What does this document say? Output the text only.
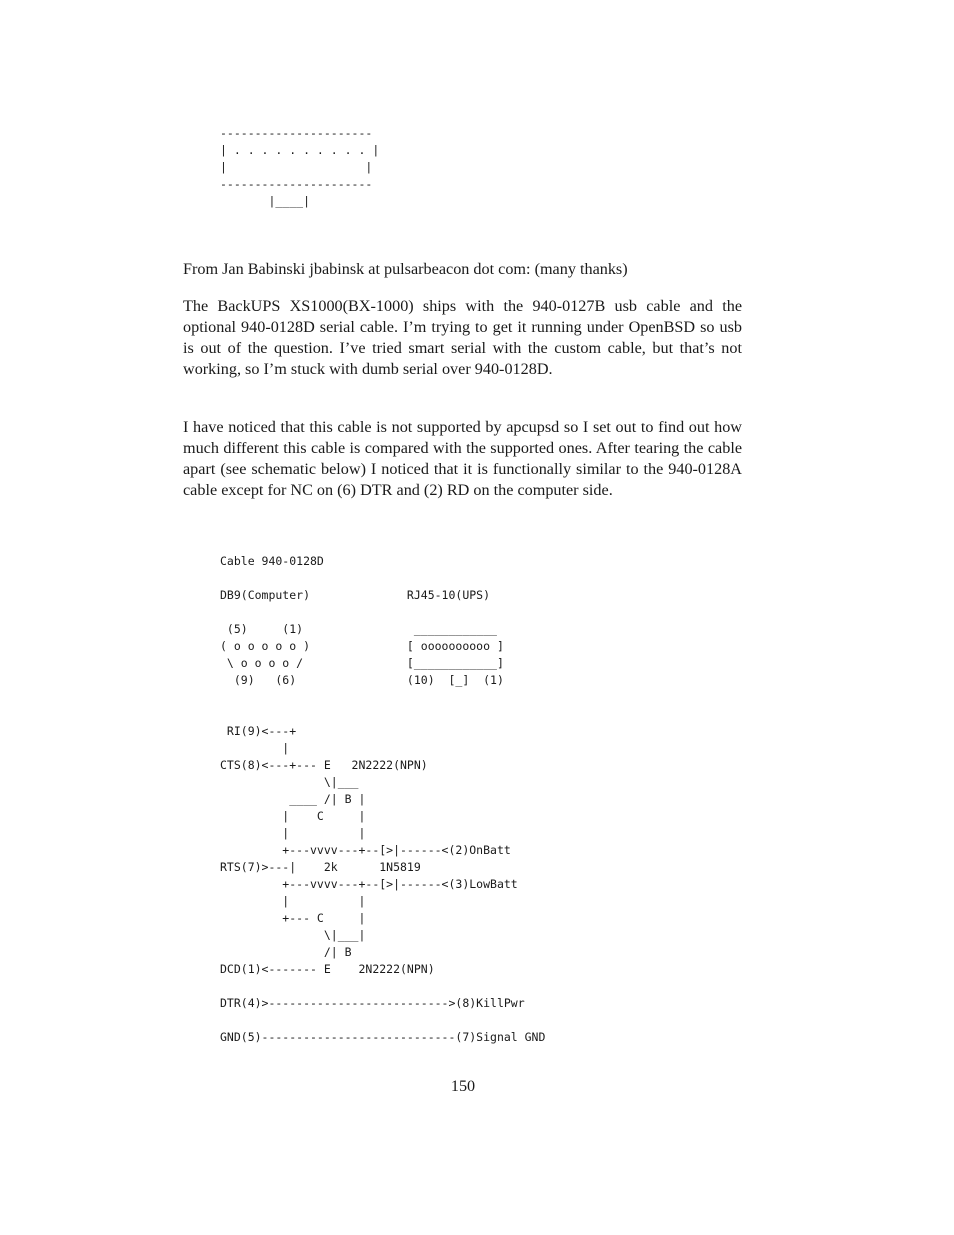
----------------------
| . . . . . . . . . . |
|                    |
----------------------
|____|

From Jan Babinski jbabinsk at pulsarbeacon dot com: (many thanks)

The BackUPS XS1000(BX-1000) ships with the 940-0127B usb cable and the optional 940-0128D serial cable. I’m trying to get it running under OpenBSD so usb is out of the question. I’ve tried smart serial with the custom cable, but that’s not working, so I’m stuck with dumb serial over 940-0128D.

I have noticed that this cable is not supported by apcupsd so I set out to find out how much different this cable is compared with the supported ones. After tearing the cable apart (see schematic below) I noticed that it is functionally similar to the 940-0128A cable except for NC on (6) DTR and (2) RD on the computer side.

Cable 940-0128D

DB9(Computer)              RJ45-10(UPS)

(5)     (1)                ____________
( o o o o o )              [ oooooooooo ]
\ o o o o /               [____________]
(9)   (6)                (10)  [_]  (1)

RI(9)<---+
|
CTS(8)<---+--- E   2N2222(NPN)
\|___
____ /| B |
|    C     |
|          |
+---vvvv---+--[>|------<(2)OnBatt
RTS(7)>---|    2k      1N5819
+---vvvv---+--[>|------<(3)LowBatt
|          |
+--- C     |
\|___|
/| B
DCD(1)<------- E    2N2222(NPN)

DTR(4)>-------------------------->(8)KillPwr

GND(5)----------------------------(7)Signal GND

150
